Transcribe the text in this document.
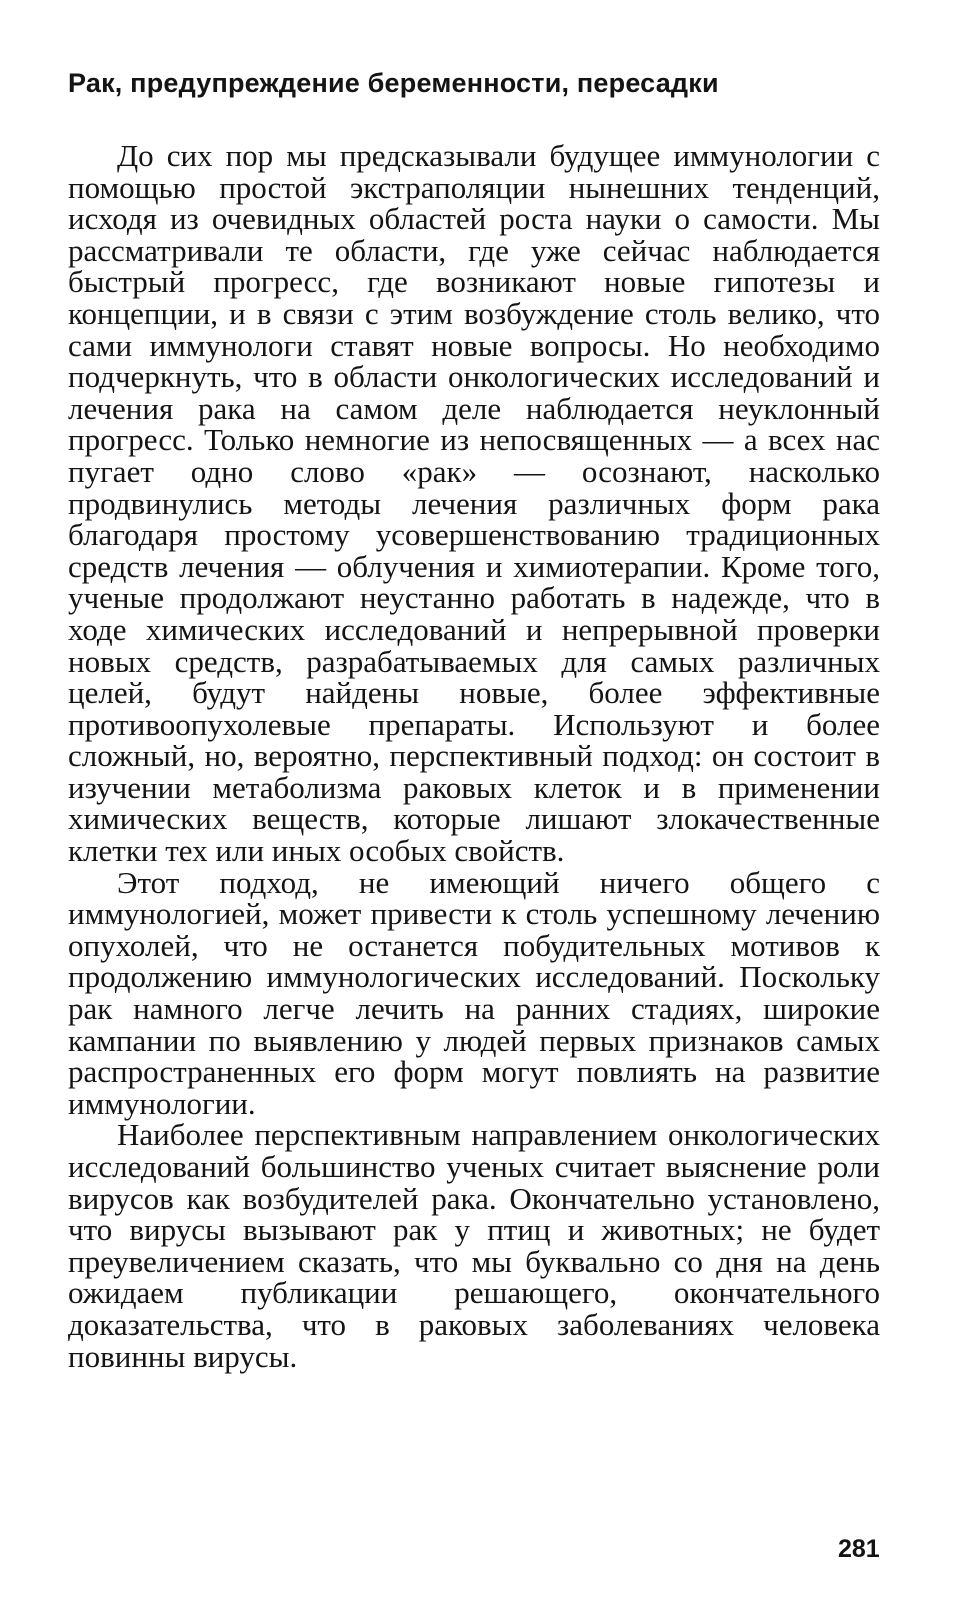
Рак, предупреждение беременности, пересадки

До сих пор мы предсказывали будущее иммунологии с помощью простой экстраполяции нынешних тенденций, исходя из очевидных областей роста науки о самости. Мы рассматривали те области, где уже сейчас наблюдается быстрый прогресс, где возникают новые гипотезы и концепции, и в связи с этим возбуждение столь велико, что сами иммунологи ставят новые вопросы. Но необходимо подчеркнуть, что в области онкологических исследований и лечения рака на самом деле наблюдается неуклонный прогресс. Только немногие из непосвященных — а всех нас пугает одно слово «рак» — осознают, насколько продвинулись методы лечения различных форм рака благодаря простому усовершенствованию традиционных средств лечения — облучения и химиотерапии. Кроме того, ученые продолжают неустанно работать в надежде, что в ходе химических исследований и непрерывной проверки новых средств, разрабатываемых для самых различных целей, будут найдены новые, более эффективные противоопухолевые препараты. Используют и более сложный, но, вероятно, перспективный подход: он состоит в изучении метаболизма раковых клеток и в применении химических веществ, которые лишают злокачественные клетки тех или иных особых свойств.

Этот подход, не имеющий ничего общего с иммунологией, может привести к столь успешному лечению опухолей, что не останется побудительных мотивов к продолжению иммунологических исследований. Поскольку рак намного легче лечить на ранних стадиях, широкие кампании по выявлению у людей первых признаков самых распространенных его форм могут повлиять на развитие иммунологии.

Наиболее перспективным направлением онкологических исследований большинство ученых считает выяснение роли вирусов как возбудителей рака. Окончательно установлено, что вирусы вызывают рак у птиц и животных; не будет преувеличением сказать, что мы буквально со дня на день ожидаем публикации решающего, окончательного доказательства, что в раковых заболеваниях человека повинны вирусы.

281
